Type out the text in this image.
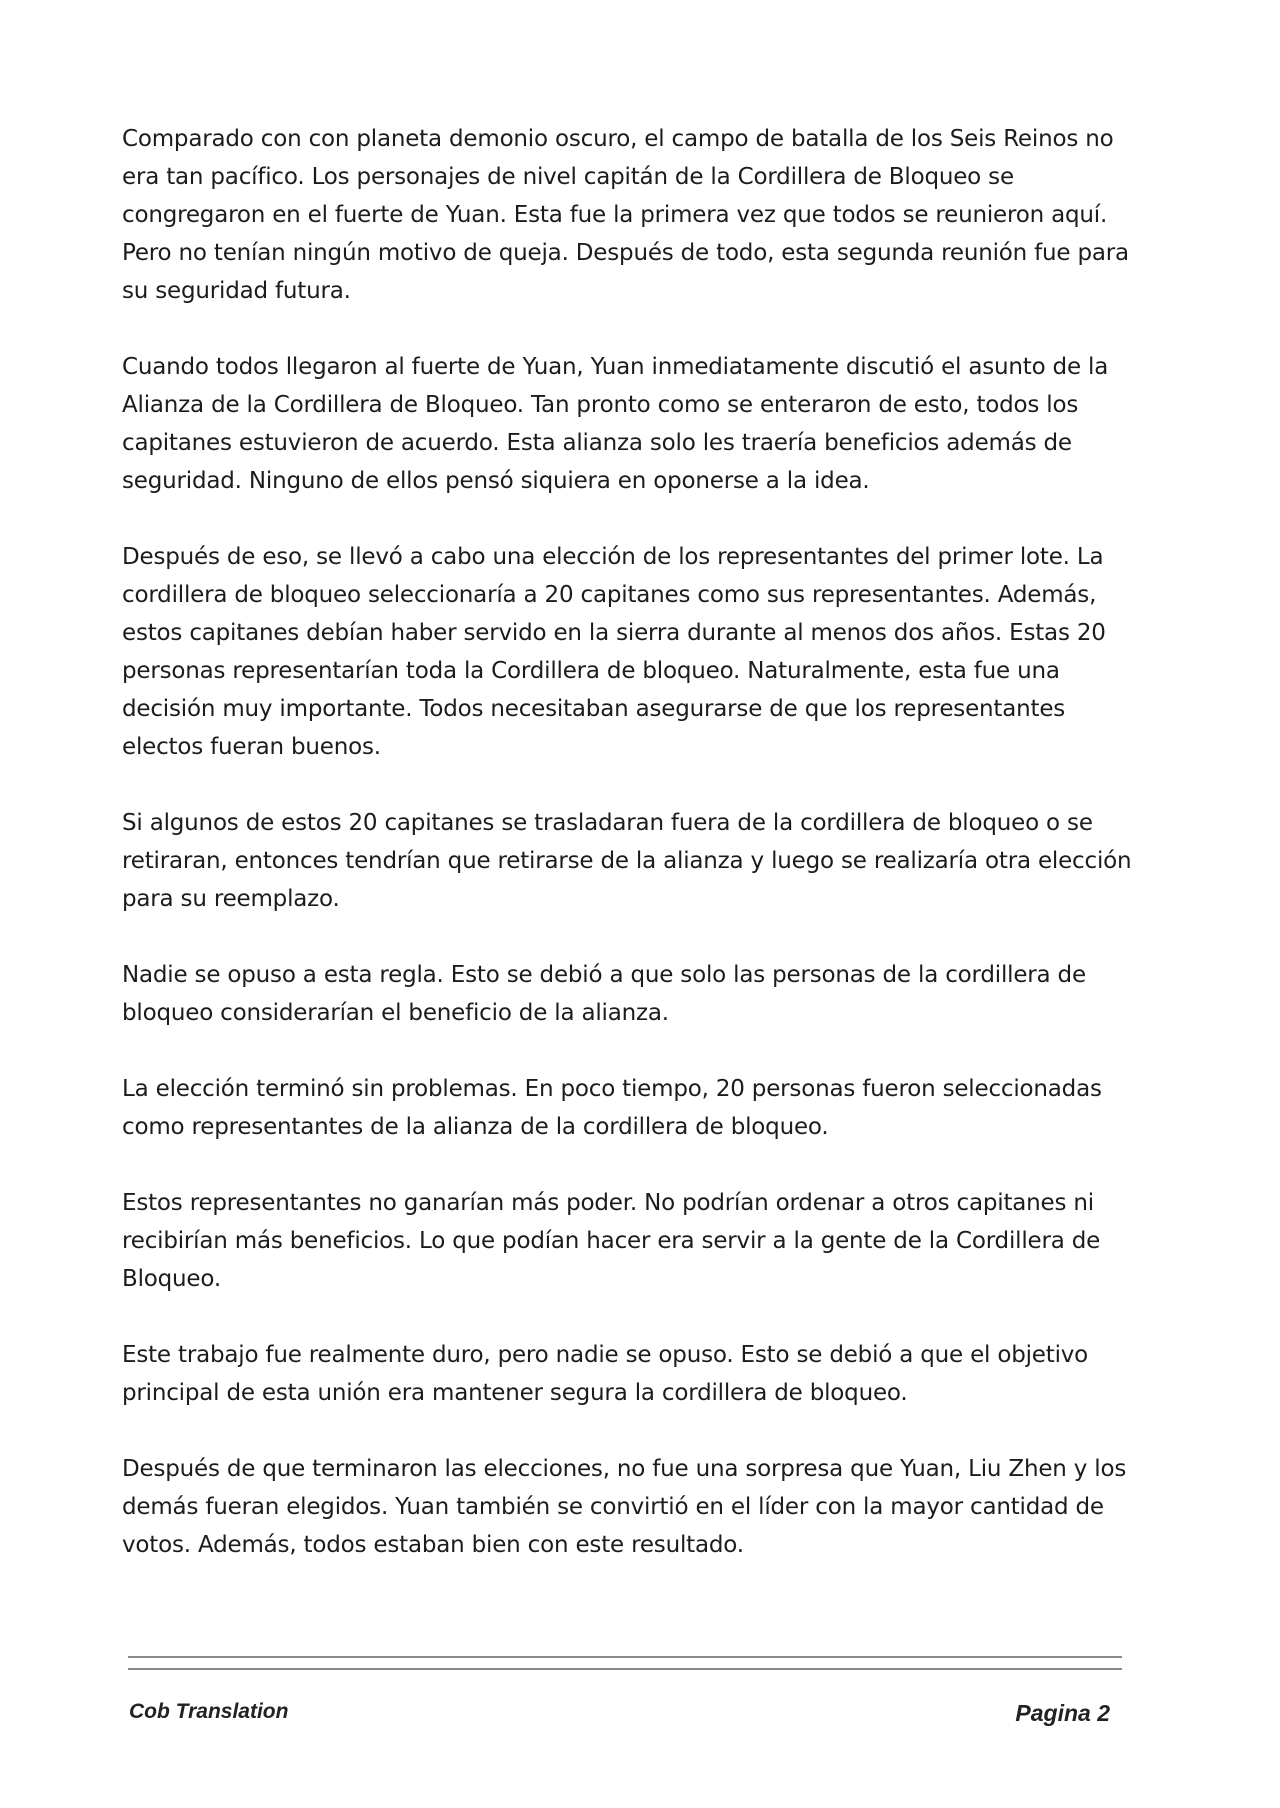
Comparado con con planeta demonio oscuro, el campo de batalla de los Seis Reinos no era tan pacífico. Los personajes de nivel capitán de la Cordillera de Bloqueo se congregaron en el fuerte de Yuan. Esta fue la primera vez que todos se reunieron aquí. Pero no tenían ningún motivo de queja. Después de todo, esta segunda reunión fue para su seguridad futura.

Cuando todos llegaron al fuerte de Yuan, Yuan inmediatamente discutió el asunto de la Alianza de la Cordillera de Bloqueo. Tan pronto como se enteraron de esto, todos los capitanes estuvieron de acuerdo. Esta alianza solo les traería beneficios además de seguridad. Ninguno de ellos pensó siquiera en oponerse a la idea.

Después de eso, se llevó a cabo una elección de los representantes del primer lote. La cordillera de bloqueo seleccionaría a 20 capitanes como sus representantes. Además, estos capitanes debían haber servido en la sierra durante al menos dos años. Estas 20 personas representarían toda la Cordillera de bloqueo. Naturalmente, esta fue una decisión muy importante. Todos necesitaban asegurarse de que los representantes electos fueran buenos.

Si algunos de estos 20 capitanes se trasladaran fuera de la cordillera de bloqueo o se retiraran, entonces tendrían que retirarse de la alianza y luego se realizaría otra elección para su reemplazo.

Nadie se opuso a esta regla. Esto se debió a que solo las personas de la cordillera de bloqueo considerarían el beneficio de la alianza.

La elección terminó sin problemas. En poco tiempo, 20 personas fueron seleccionadas como representantes de la alianza de la cordillera de bloqueo.

Estos representantes no ganarían más poder. No podrían ordenar a otros capitanes ni recibirían más beneficios. Lo que podían hacer era servir a la gente de la Cordillera de Bloqueo.

Este trabajo fue realmente duro, pero nadie se opuso. Esto se debió a que el objetivo principal de esta unión era mantener segura la cordillera de bloqueo.

Después de que terminaron las elecciones, no fue una sorpresa que Yuan, Liu Zhen y los demás fueran elegidos. Yuan también se convirtió en el líder con la mayor cantidad de votos. Además, todos estaban bien con este resultado.

Cob Translation	Pagina 2
